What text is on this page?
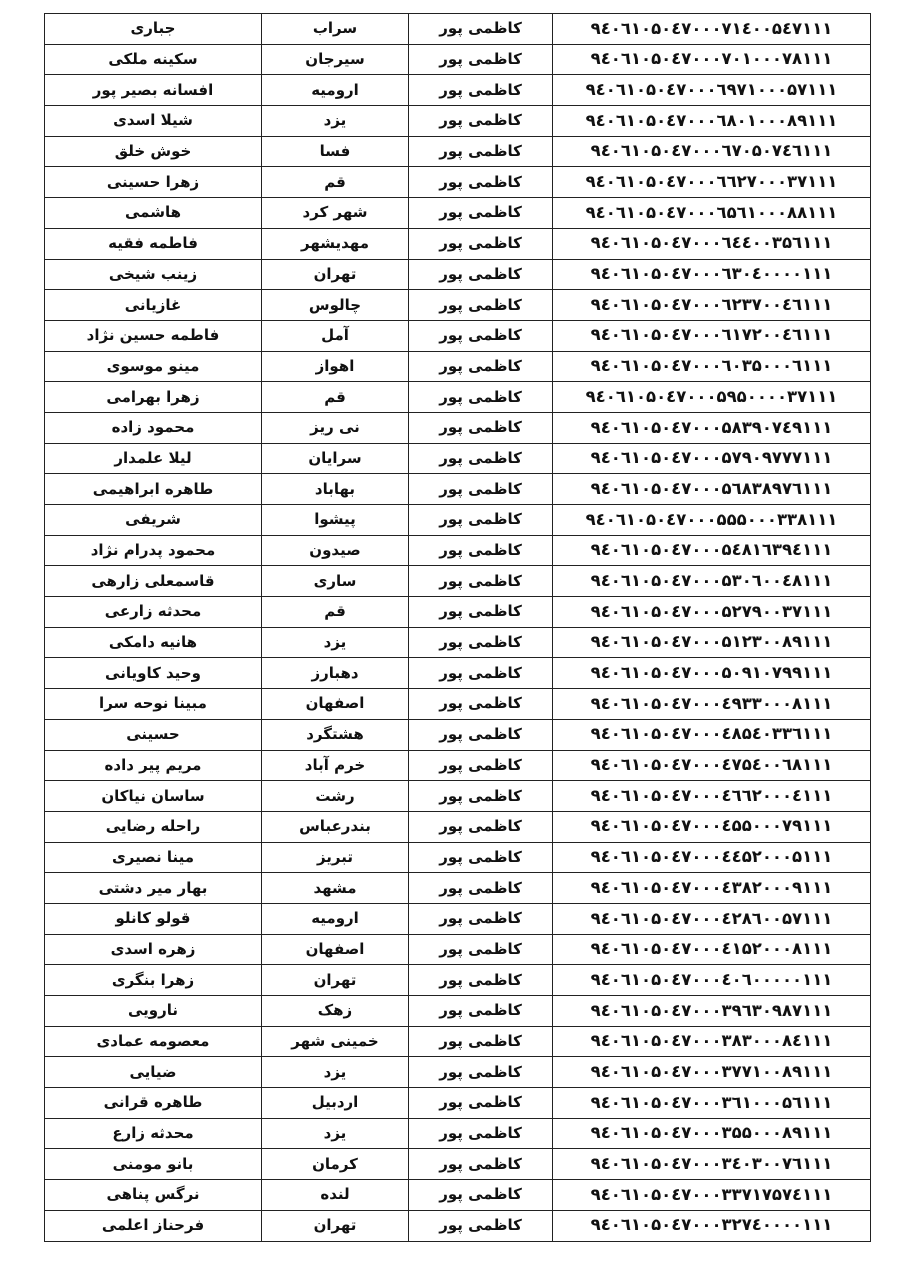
جباری	سراب	کاظمی پور	۹٤۰٦۱۰۵۰٤۷۰۰۰۷۱٤۰۰۵٤۷۱۱۱
سکینه ملکی	سیرجان	کاظمی پور	۹٤۰٦۱۰۵۰٤۷۰۰۰۷۰۱۰۰۰۷۸۱۱۱
افسانه بصیر پور	ارومیه	کاظمی پور	۹٤۰٦۱۰۵۰٤۷۰۰۰٦۹۷۱۰۰۰۵۷۱۱۱
شیلا اسدی	یزد	کاظمی پور	۹٤۰٦۱۰۵۰٤۷۰۰۰٦۸۰۱۰۰۰۸۹۱۱۱
خوش خلق	فسا	کاظمی پور	۹٤۰٦۱۰۵۰٤۷۰۰۰٦۷۰۵۰۷٤٦۱۱۱
زهرا حسینی	قم	کاظمی پور	۹٤۰٦۱۰۵۰٤۷۰۰۰٦٦۲۷۰۰۰۳۷۱۱۱
هاشمی	شهر کرد	کاظمی پور	۹٤۰٦۱۰۵۰٤۷۰۰۰٦۵٦۱۰۰۰۸۸۱۱۱
فاطمه فقیه	مهدیشهر	کاظمی پور	۹٤۰٦۱۰۵۰٤۷۰۰۰٦٤٤۰۰۳۵٦۱۱۱
زینب شیخی	تهران	کاظمی پور	۹٤۰٦۱۰۵۰٤۷۰۰۰٦۳۰٤۰۰۰۰۱۱۱
غازیانی	چالوس	کاظمی پور	۹٤۰٦۱۰۵۰٤۷۰۰۰٦۲۳۷۰۰٤٦۱۱۱
فاطمه حسین نژاد	آمل	کاظمی پور	۹٤۰٦۱۰۵۰٤۷۰۰۰٦۱۷۲۰۰٤٦۱۱۱
مینو موسوی	اهواز	کاظمی پور	۹٤۰٦۱۰۵۰٤۷۰۰۰٦۰۳۵۰۰۰٦۱۱۱
زهرا بهرامی	قم	کاظمی پور	۹٤۰٦۱۰۵۰٤۷۰۰۰۵۹۵۰۰۰۰۳۷۱۱۱
محمود زاده	نی ریز	کاظمی پور	۹٤۰٦۱۰۵۰٤۷۰۰۰۵۸۳۹۰۷٤۹۱۱۱
لیلا علمدار	سرایان	کاظمی پور	۹٤۰٦۱۰۵۰٤۷۰۰۰۵۷۹۰۹۷۷۷۱۱۱
طاهره ابراهیمی	بهاباد	کاظمی پور	۹٤۰٦۱۰۵۰٤۷۰۰۰۵٦۸۳۸۹۷٦۱۱۱
شریفی	پیشوا	کاظمی پور	۹٤۰٦۱۰۵۰٤۷۰۰۰۵۵۵۰۰۰۳۳۸۱۱۱
محمود پدرام نژاد	صیدون	کاظمی پور	۹٤۰٦۱۰۵۰٤۷۰۰۰۵٤۸۱٦۳۹٤۱۱۱
قاسمعلی زارهی	ساری	کاظمی پور	۹٤۰٦۱۰۵۰٤۷۰۰۰۵۳۰٦۰۰٤۸۱۱۱
محدثه زارعی	قم	کاظمی پور	۹٤۰٦۱۰۵۰٤۷۰۰۰۵۲۷۹۰۰۳۷۱۱۱
هانیه دامکی	یزد	کاظمی پور	۹٤۰٦۱۰۵۰٤۷۰۰۰۵۱۲۳۰۰۸۹۱۱۱
وحید کاویانی	دهبارز	کاظمی پور	۹٤۰٦۱۰۵۰٤۷۰۰۰۵۰۹۱۰۷۹۹۱۱۱
مبینا نوحه سرا	اصفهان	کاظمی پور	۹٤۰٦۱۰۵۰٤۷۰۰۰٤۹۳۳۰۰۰۸۱۱۱
حسینی	هشتگرد	کاظمی پور	۹٤۰٦۱۰۵۰٤۷۰۰۰٤۸۵٤۰۳۳٦۱۱۱
مریم پیر داده	خرم آباد	کاظمی پور	۹٤۰٦۱۰۵۰٤۷۰۰۰٤۷۵٤۰۰٦۸۱۱۱
ساسان نیاکان	رشت	کاظمی پور	۹٤۰٦۱۰۵۰٤۷۰۰۰٤٦٦۲۰۰۰٤۱۱۱
راحله رضایی	بندرعباس	کاظمی پور	۹٤۰٦۱۰۵۰٤۷۰۰۰٤۵۵۰۰۰۷۹۱۱۱
مینا نصیری	تبریز	کاظمی پور	۹٤۰٦۱۰۵۰٤۷۰۰۰٤٤۵۲۰۰۰۵۱۱۱
بهار میر دشتی	مشهد	کاظمی پور	۹٤۰٦۱۰۵۰٤۷۰۰۰٤۳۸۲۰۰۰۹۱۱۱
قولو کانلو	ارومیه	کاظمی پور	۹٤۰٦۱۰۵۰٤۷۰۰۰٤۲۸٦۰۰۵۷۱۱۱
زهره اسدی	اصفهان	کاظمی پور	۹٤۰٦۱۰۵۰٤۷۰۰۰٤۱۵۲۰۰۰۸۱۱۱
زهرا بنگری	تهران	کاظمی پور	۹٤۰٦۱۰۵۰٤۷۰۰۰٤۰٦۰۰۰۰۰۱۱۱
نارویی	زهک	کاظمی پور	۹٤۰٦۱۰۵۰٤۷۰۰۰۳۹٦۳۰۹۸۷۱۱۱
معصومه عمادی	خمینی شهر	کاظمی پور	۹٤۰٦۱۰۵۰٤۷۰۰۰۳۸۳۰۰۰۸٤۱۱۱
ضیایی	یزد	کاظمی پور	۹٤۰٦۱۰۵۰٤۷۰۰۰۳۷۷۱۰۰۸۹۱۱۱
طاهره قرانی	اردبیل	کاظمی پور	۹٤۰٦۱۰۵۰٤۷۰۰۰۳٦۱۰۰۰۵٦۱۱۱
محدثه زارع	یزد	کاظمی پور	۹٤۰٦۱۰۵۰٤۷۰۰۰۳۵۵۰۰۰۸۹۱۱۱
بانو مومنی	کرمان	کاظمی پور	۹٤۰٦۱۰۵۰٤۷۰۰۰۳٤۰۳۰۰۷٦۱۱۱
نرگس پناهی	لنده	کاظمی پور	۹٤۰٦۱۰۵۰٤۷۰۰۰۳۳۷۱۷۵۷٤۱۱۱
فرحناز اعلمی	تهران	کاظمی پور	۹٤۰٦۱۰۵۰٤۷۰۰۰۳۲۷٤۰۰۰۰۱۱۱
